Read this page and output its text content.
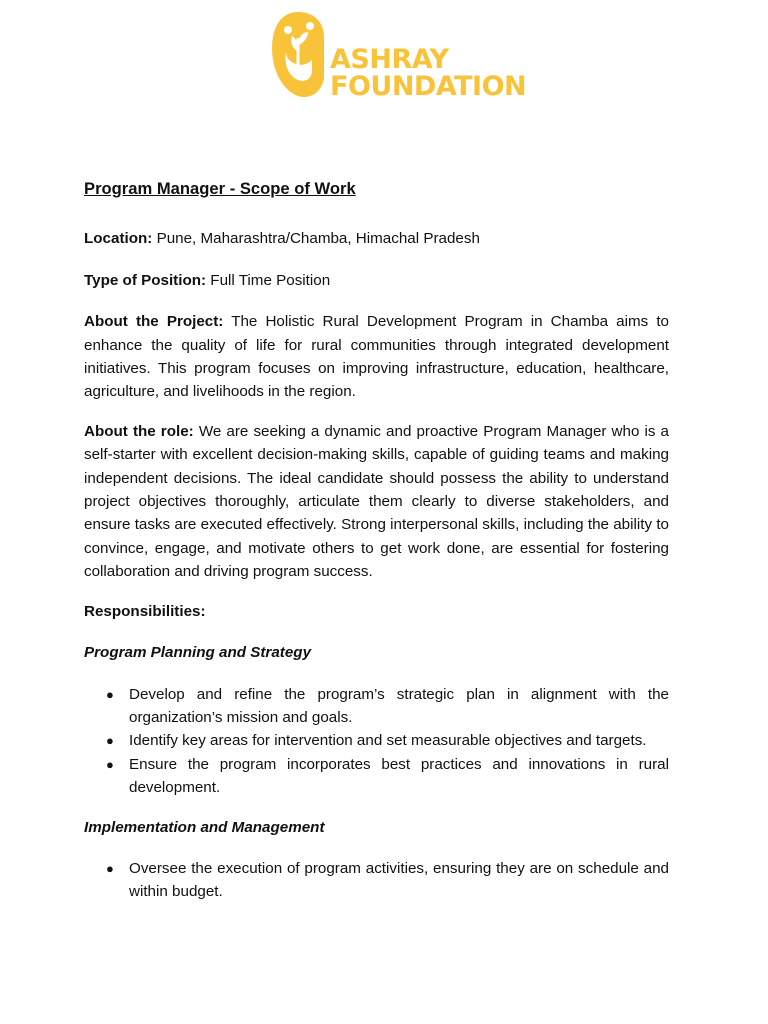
ASHRAY
FOUNDATION
Program Manager - Scope of Work

Location: Pune, Maharashtra/Chamba, Himachal Pradesh

Type of Position: Full Time Position

About the Project: The Holistic Rural Development Program in Chamba aims to enhance the quality of life for rural communities through integrated development initiatives. This program focuses on improving infrastructure, education, healthcare, agriculture, and livelihoods in the region.

About the role: We are seeking a dynamic and proactive Program Manager who is a self-starter with excellent decision-making skills, capable of guiding teams and making independent decisions. The ideal candidate should possess the ability to understand project objectives thoroughly, articulate them clearly to diverse stakeholders, and ensure tasks are executed effectively. Strong interpersonal skills, including the ability to convince, engage, and motivate others to get work done, are essential for fostering collaboration and driving program success.

Responsibilities:
Program Planning and Strategy
● Develop and refine the program’s strategic plan in alignment with the organization’s mission and goals.
● Identify key areas for intervention and set measurable objectives and targets.
● Ensure the program incorporates best practices and innovations in rural development.
Implementation and Management
● Oversee the execution of program activities, ensuring they are on schedule and within budget.
